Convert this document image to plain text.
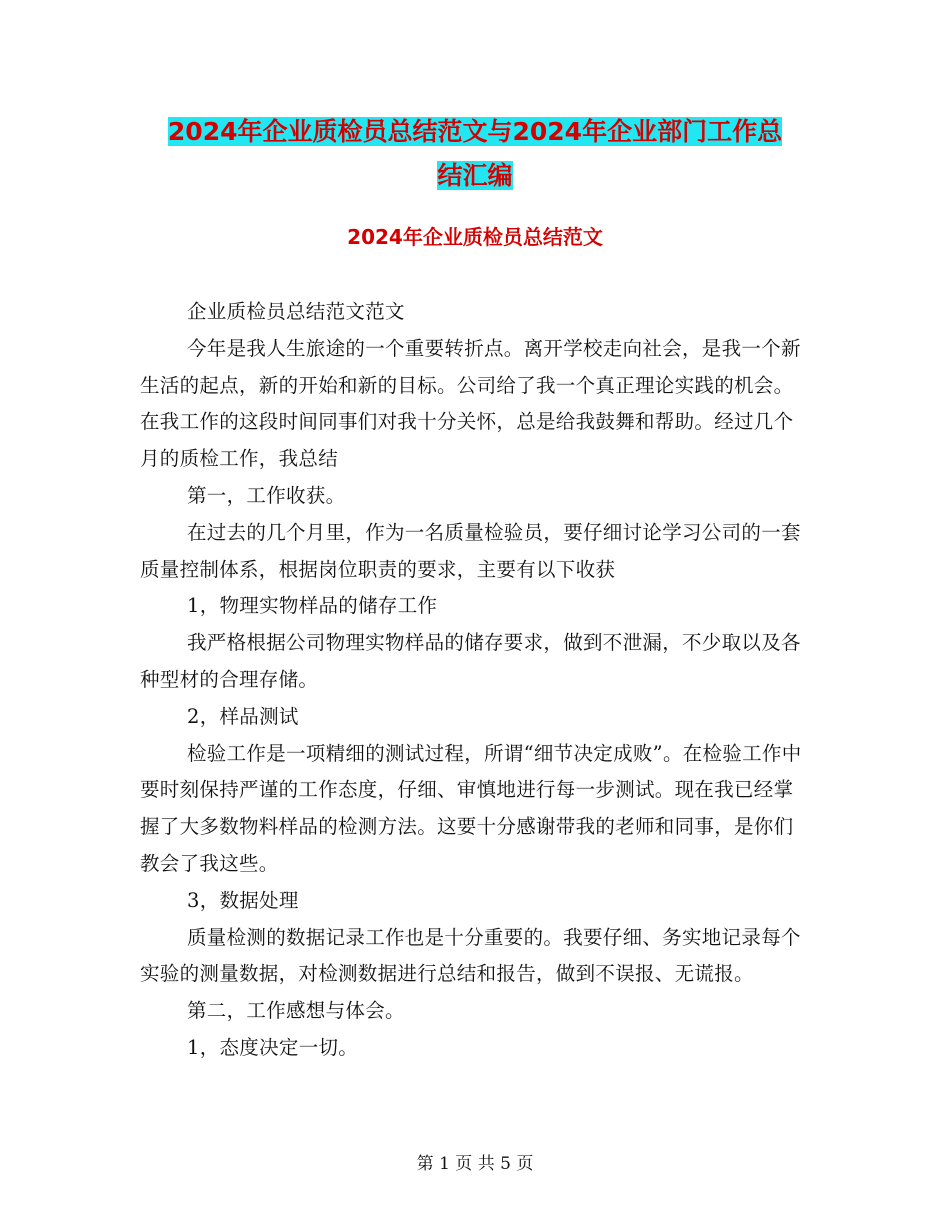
2024年企业质检员总结范文与2024年企业部门工作总
结汇编
2024年企业质检员总结范文

企业质检员总结范文范文

今年是我人生旅途的一个重要转折点。离开学校走向社会，是我一个新生活的起点，新的开始和新的目标。公司给了我一个真正理论实践的机会。在我工作的这段时间同事们对我十分关怀，总是给我鼓舞和帮助。经过几个月的质检工作，我总结

第一，工作收获。

在过去的几个月里，作为一名质量检验员，要仔细讨论学习公司的一套质量控制体系，根据岗位职责的要求，主要有以下收获

1，物理实物样品的储存工作

我严格根据公司物理实物样品的储存要求，做到不泄漏，不少取以及各种型材的合理存储。

2，样品测试

检验工作是一项精细的测试过程，所谓“细节决定成败”。在检验工作中要时刻保持严谨的工作态度，仔细、审慎地进行每一步测试。现在我已经掌握了大多数物料样品的检测方法。这要十分感谢带我的老师和同事，是你们教会了我这些。

3，数据处理

质量检测的数据记录工作也是十分重要的。我要仔细、务实地记录每个实验的测量数据，对检测数据进行总结和报告，做到不误报、无谎报。

第二，工作感想与体会。

1，态度决定一切。

第 1 页 共 5 页
